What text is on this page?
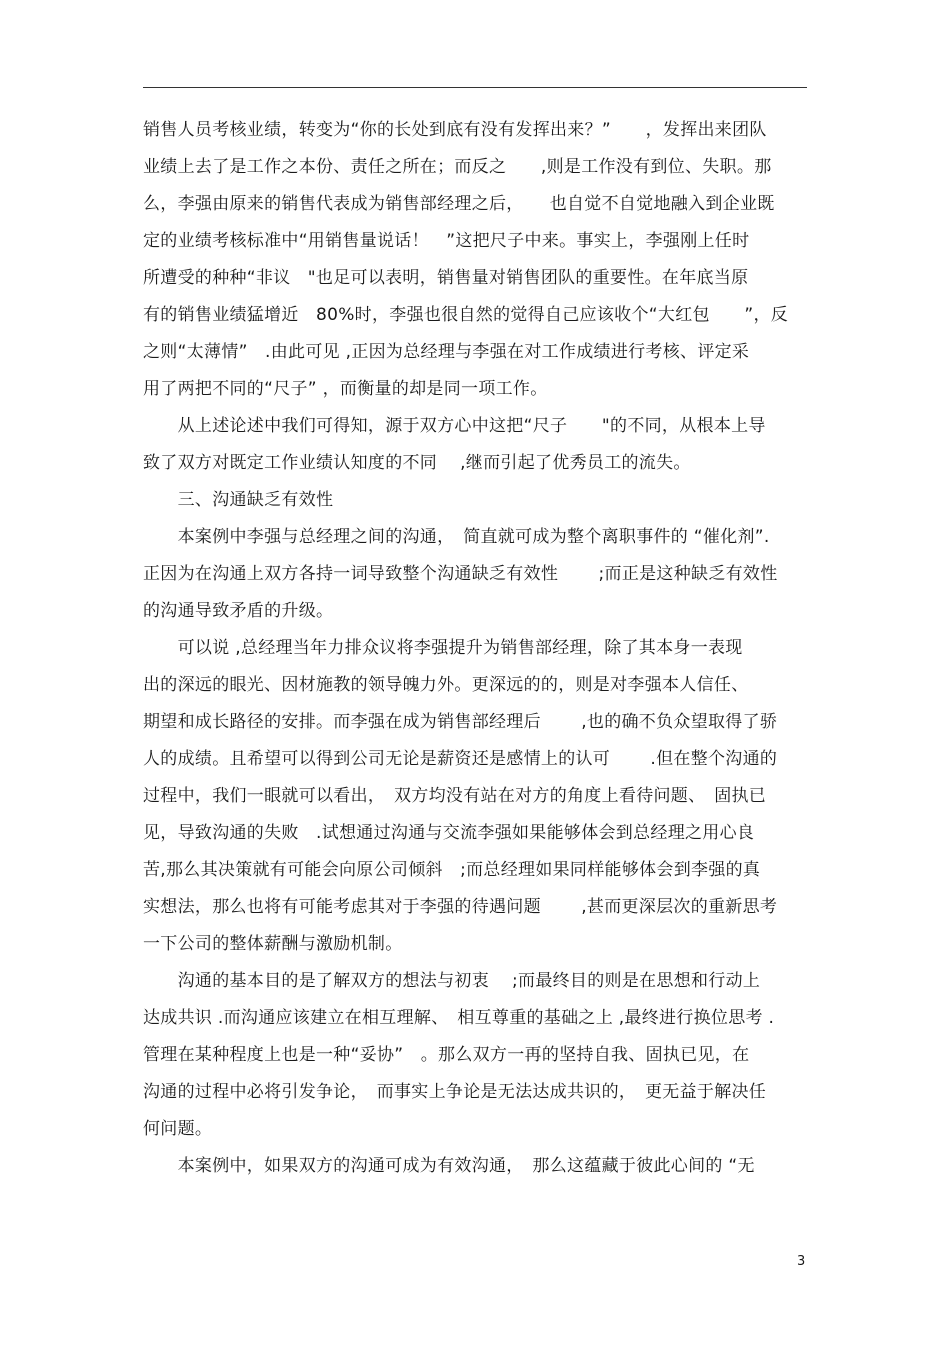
销售人员考核业绩，转变为“你的长处到底有没有发挥出来？”　　，发挥出来团队
业绩上去了是工作之本份、责任之所在；而反之　　,则是工作没有到位、失职。那
么，李强由原来的销售代表成为销售部经理之后，　　也自觉不自觉地融入到企业既
定的业绩考核标准中“用销售量说话！　”这把尺子中来。事实上，李强刚上任时
所遭受的种种“非议　"也足可以表明，销售量对销售团队的重要性。在年底当原
有的销售业绩猛增近　80%时，李强也很自然的觉得自己应该收个“大红包　　”，反
之则“太薄情”　.由此可见 ,正因为总经理与李强在对工作成绩进行考核、评定采
用了两把不同的“尺子” ，而衡量的却是同一项工作。
　　从上述论述中我们可得知，源于双方心中这把“尺子　　"的不同，从根本上导
致了双方对既定工作业绩认知度的不同　 ,继而引起了优秀员工的流失。
　　三、沟通缺乏有效性
　　本案例中李强与总经理之间的沟通，　简直就可成为整个离职事件的 “催化剂”.
正因为在沟通上双方各持一词导致整个沟通缺乏有效性　　 ;而正是这种缺乏有效性
的沟通导致矛盾的升级。
　　可以说 ,总经理当年力排众议将李强提升为销售部经理，除了其本身一表现
出的深远的眼光、因材施教的领导魄力外。更深远的的，则是对李强本人信任、
期望和成长路径的安排。而李强在成为销售部经理后　　 ,也的确不负众望取得了骄
人的成绩。且希望可以得到公司无论是薪资还是感情上的认可　　 .但在整个沟通的
过程中，我们一眼就可以看出，　双方均没有站在对方的角度上看待问题、　固执已
见，导致沟通的失败　.试想通过沟通与交流李强如果能够体会到总经理之用心良
苦,那么其决策就有可能会向原公司倾斜　;而总经理如果同样能够体会到李强的真
实想法，那么也将有可能考虑其对于李强的待遇问题　　 ,甚而更深层次的重新思考
一下公司的整体薪酬与激励机制。
　　沟通的基本目的是了解双方的想法与初衷　 ;而最终目的则是在思想和行动上
达成共识 .而沟通应该建立在相互理解、　相互尊重的基础之上 ,最终进行换位思考 .
管理在某种程度上也是一种“妥协”　。那么双方一再的坚持自我、固执已见，在
沟通的过程中必将引发争论，　而事实上争论是无法达成共识的，　更无益于解决任
何问题。
　　本案例中，如果双方的沟通可成为有效沟通，　那么这蕴藏于彼此心间的 “无
3
